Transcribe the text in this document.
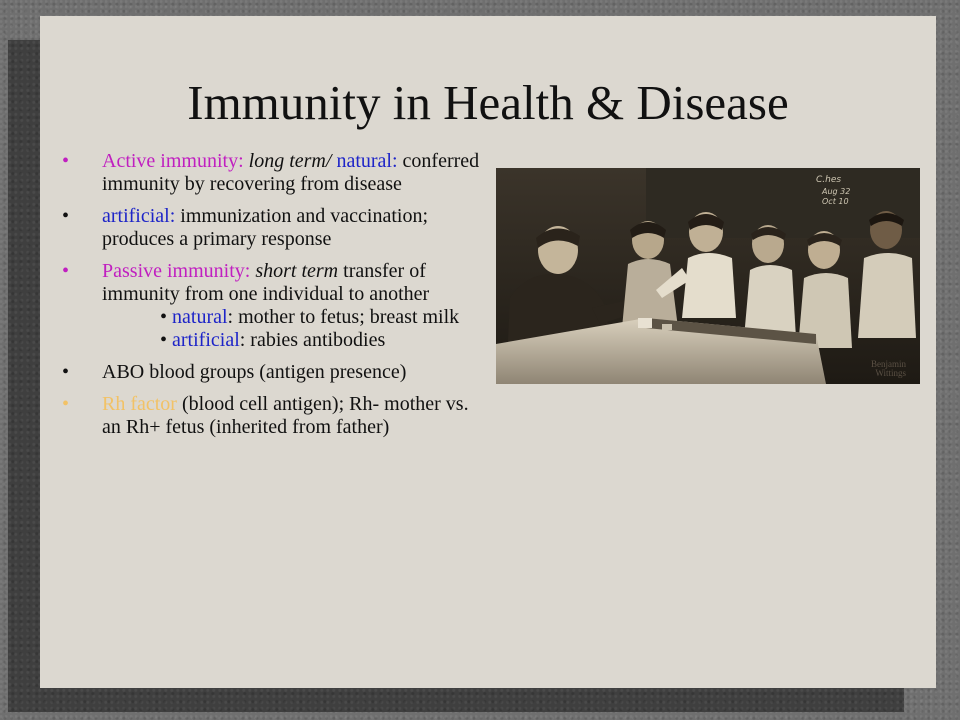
Immunity in Health & Disease
•	Active immunity: long term/ natural: conferred immunity by recovering from disease
•	artificial: immunization and vaccination; produces a primary response
•	Passive immunity: short term transfer of immunity from one individual to another
• natural: mother to fetus; breast milk
• artificial: rabies antibodies
•	ABO blood groups (antigen presence)
•	Rh factor (blood cell antigen); Rh- mother vs. an Rh+ fetus (inherited from father)
C.hes
Aug 32
Oct 10
Benjamin
Wittings
